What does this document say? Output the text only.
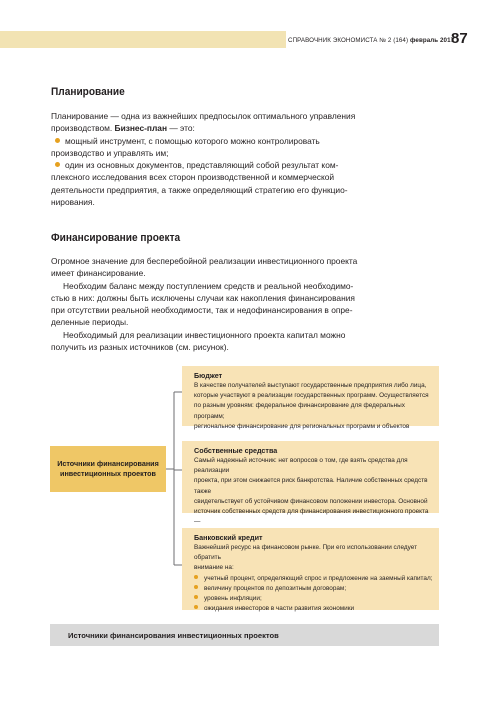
СПРАВОЧНИК ЭКОНОМИСТА № 2 (164) февраль 2017
87
Планирование
Планирование — одна из важнейших предпосылок оптимального управления
производством. Бизнес-план — это:
мощный инструмент, с помощью которого можно контролировать
производство и управлять им;
один из основных документов, представляющий собой результат ком-
плексного исследования всех сторон производственной и коммерческой
деятельности предприятия, а также определяющий стратегию его функцио-
нирования.
Финансирование проекта
Огромное значение для бесперебойной реализации инвестиционного проекта
имеет финансирование.
Необходим баланс между поступлением средств и реальной необходимо-
стью в них: должны быть исключены случаи как накопления финансирования
при отсутствии реальной необходимости, так и недофинансирования в опре-
деленные периоды.
Необходимый для реализации инвестиционного проекта капитал можно
получить из разных источников (см. рисунок).
Источники финансирования
инвестиционных проектов
Бюджет
В качестве получателей выступают государственные предприятия либо лица,
которые участвуют в реализации государственных программ. Осуществляется
по разным уровням: федеральное финансирование для федеральных программ;
региональное финансирование для региональных программ и объектов
Собственные средства
Самый надежный источник: нет вопросов о том, где взять средства для реализации
проекта, при этом снижается риск банкротства. Наличие собственных средств также
свидетельствует об устойчивом финансовом положении инвестора. Основной
источник собственных средств для финансирования инвестиционного проекта —
Банковский кредит
Важнейший ресурс на финансовом рынке. При его использовании следует обратить
внимание на:
учетный процент, определяющий спрос и предложение на заемный капитал;
величину процентов по депозитным договорам;
уровень инфляции;
ожидания инвесторов в части развития экономики
Источники финансирования инвестиционных проектов
